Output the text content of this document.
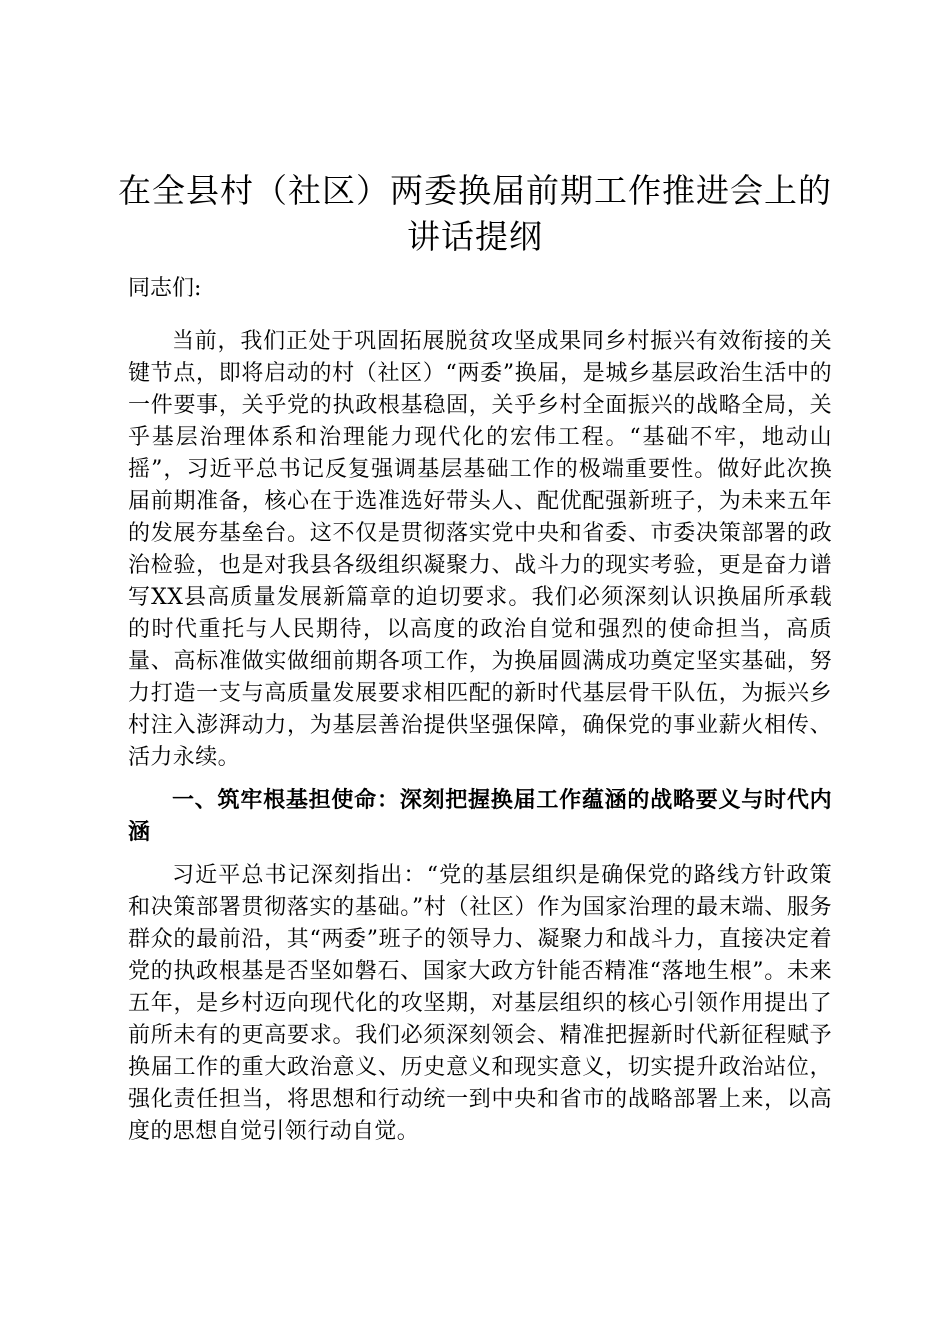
在全县村（社区）两委换届前期工作推进会上的讲话提纲

同志们:

当前，我们正处于巩固拓展脱贫攻坚成果同乡村振兴有效衔接的关键节点，即将启动的村（社区）“两委”换届，是城乡基层政治生活中的一件要事，关乎党的执政根基稳固，关乎乡村全面振兴的战略全局，关乎基层治理体系和治理能力现代化的宏伟工程。“基础不牢，地动山摇”，习近平总书记反复强调基层基础工作的极端重要性。做好此次换届前期准备，核心在于选准选好带头人、配优配强新班子，为未来五年的发展夯基垒台。这不仅是贯彻落实党中央和省委、市委决策部署的政治检验，也是对我县各级组织凝聚力、战斗力的现实考验，更是奋力谱写XX县高质量发展新篇章的迫切要求。我们必须深刻认识换届所承载的时代重托与人民期待，以高度的政治自觉和强烈的使命担当，高质量、高标准做实做细前期各项工作，为换届圆满成功奠定坚实基础，努力打造一支与高质量发展要求相匹配的新时代基层骨干队伍，为振兴乡村注入澎湃动力，为基层善治提供坚强保障，确保党的事业薪火相传、活力永续。

一、筑牢根基担使命：深刻把握换届工作蕴涵的战略要义与时代内涵

习近平总书记深刻指出：“党的基层组织是确保党的路线方针政策和决策部署贯彻落实的基础。”村（社区）作为国家治理的最末端、服务群众的最前沿，其“两委”班子的领导力、凝聚力和战斗力，直接决定着党的执政根基是否坚如磐石、国家大政方针能否精准“落地生根”。未来五年，是乡村迈向现代化的攻坚期，对基层组织的核心引领作用提出了前所未有的更高要求。我们必须深刻领会、精准把握新时代新征程赋予换届工作的重大政治意义、历史意义和现实意义，切实提升政治站位，强化责任担当，将思想和行动统一到中央和省市的战略部署上来，以高度的思想自觉引领行动自觉。
